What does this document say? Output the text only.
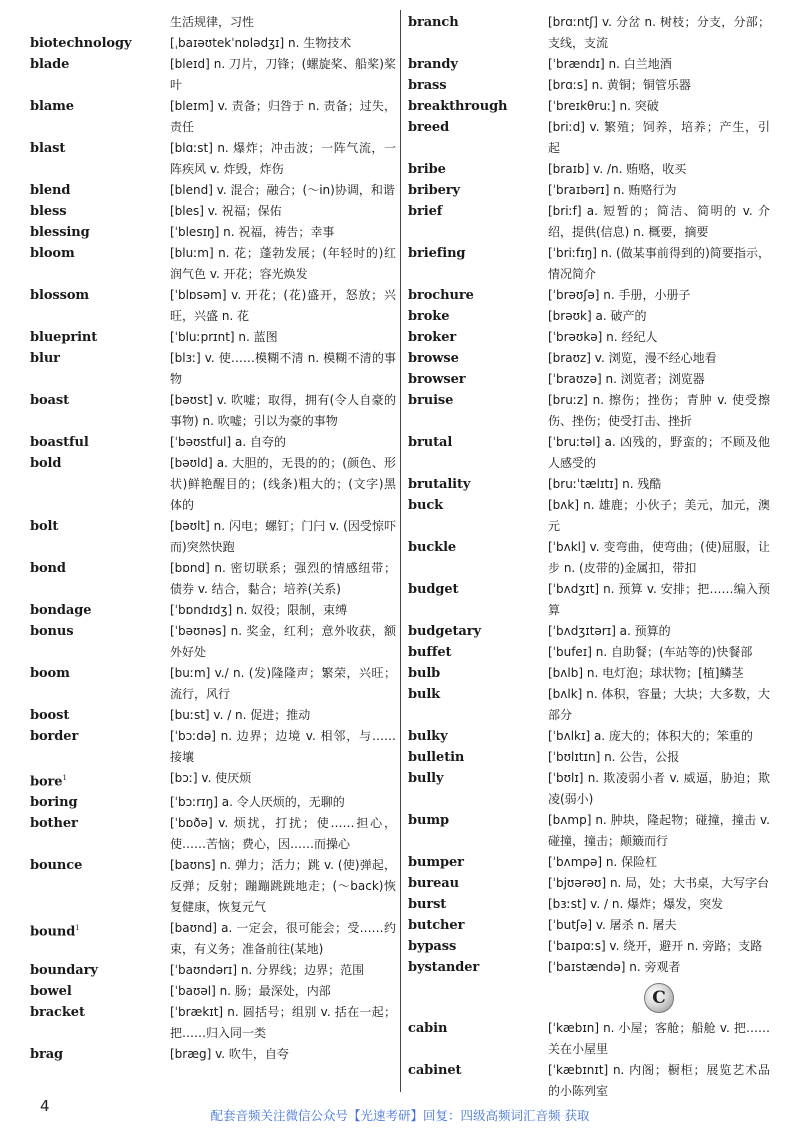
生活规律，习性
biotechnology	[ˌbaɪəʊtekˈnɒlədʒɪ] n. 生物技术
blade	[bleɪd] n. 刀片，刀锋；(螺旋桨、船桨)桨叶
blame	[bleɪm] v. 责备；归咎于 n. 责备；过失，责任
blast	[blɑːst] n. 爆炸；冲击波；一阵气流，一阵疾风 v. 炸毁，炸伤
blend	[blend] v. 混合；融合；(～in)协调，和谐
bless	[bles] v. 祝福；保佑
blessing	[ˈblesɪŋ] n. 祝福，祷告；幸事
bloom	[bluːm] n. 花；蓬勃发展；(年轻时的)红润气色 v. 开花；容光焕发
blossom	[ˈblɒsəm] v. 开花；(花)盛开，怒放；兴旺，兴盛 n. 花
blueprint	[ˈbluːprɪnt] n. 蓝图
blur	[blɜː] v. 使……模糊不清 n. 模糊不清的事物
boast	[bəʊst] v. 吹嘘；取得，拥有(令人自豪的事物) n. 吹嘘；引以为豪的事物
boastful	[ˈbəʊstful] a. 自夸的
bold	[bəʊld] a. 大胆的，无畏的的；(颜色、形状)鲜艳醒目的；(线条)粗大的；(文字)黑体的
bolt	[bəʊlt] n. 闪电；螺钉；门闩 v. (因受惊吓而)突然快跑
bond	[bɒnd] n. 密切联系；强烈的情感纽带；债券 v. 结合，黏合；培养(关系)
bondage	[ˈbɒndɪdʒ] n. 奴役；限制，束缚
bonus	[ˈbəʊnəs] n. 奖金，红利；意外收获，额外好处
boom	[buːm] v./ n. (发)隆隆声；繁荣，兴旺；流行，风行
boost	[buːst] v. / n. 促进；推动
border	[ˈbɔːdə] n. 边界；边境 v. 相邻，与……接壤
bore$^1$	[bɔː] v. 使厌烦
boring	[ˈbɔːrɪŋ] a. 令人厌烦的，无聊的
bother	[ˈbɒðə] v. 烦扰，打扰；使……担心，使……苦恼；费心，因……而操心
bounce	[baʊns] n. 弹力；活力；跳 v. (使)弹起，反弹；反射；蹦蹦跳跳地走；(～back)恢复健康，恢复元气
bound$^1$	[baʊnd] a. 一定会，很可能会；受……约束，有义务；准备前往(某地)
boundary	[ˈbaʊndərɪ] n. 分界线；边界；范围
bowel	[ˈbaʊəl] n. 肠；最深处，内部
bracket	[ˈbrækɪt] n. 圆括号；组别 v. 括在一起；把……归入同一类
brag	[bræg] v. 吹牛，自夸
branch	[brɑːntʃ] v. 分岔 n. 树枝；分支，分部；支线，支流
brandy	[ˈbrændɪ] n. 白兰地酒
brass	[brɑːs] n. 黄铜；铜管乐器
breakthrough	[ˈbreɪkθruː] n. 突破
breed	[briːd] v. 繁殖；饲养，培养；产生，引起
bribe	[braɪb] v. /n. 贿赂，收买
bribery	[ˈbraɪbərɪ] n. 贿赂行为
brief	[briːf] a. 短暂的；简洁、简明的 v. 介绍，提供(信息) n. 概要，摘要
briefing	[ˈbriːfɪŋ] n. (做某事前得到的)简要指示，情况简介
brochure	[ˈbrəʊʃə] n. 手册，小册子
broke	[brəʊk] a. 破产的
broker	[ˈbrəʊkə] n. 经纪人
browse	[braʊz] v. 浏览，漫不经心地看
browser	[ˈbraʊzə] n. 浏览者；浏览器
bruise	[bruːz] n. 擦伤；挫伤；青肿 v. 使受擦伤、挫伤；使受打击、挫折
brutal	[ˈbruːtəl] a. 凶残的，野蛮的；不顾及他人感受的
brutality	[bruːˈtælɪtɪ] n. 残酷
buck	[bʌk] n. 雄鹿；小伙子；美元，加元，澳元
buckle	[ˈbʌkl] v. 变弯曲，使弯曲；(使)屈服，让步 n. (皮带的)金属扣，带扣
budget	[ˈbʌdʒɪt] n. 预算 v. 安排；把……编入预算
budgetary	[ˈbʌdʒɪtərɪ] a. 预算的
buffet	[ˈbufeɪ] n. 自助餐；(车站等的)快餐部
bulb	[bʌlb] n. 电灯泡；球状物；[植]鳞茎
bulk	[bʌlk] n. 体积，容量；大块；大多数，大部分
bulky	[ˈbʌlkɪ] a. 庞大的；体积大的；笨重的
bulletin	[ˈbʊlɪtɪn] n. 公告，公报
bully	[ˈbʊlɪ] n. 欺凌弱小者 v. 威逼，胁迫；欺凌(弱小)
bump	[bʌmp] n. 肿块，隆起物；碰撞，撞击 v. 碰撞，撞击；颠簸而行
bumper	[ˈbʌmpə] n. 保险杠
bureau	[ˈbjʊərəʊ] n. 局，处；大书桌，大写字台
burst	[bɜːst] v. / n. 爆炸；爆发，突发
butcher	[ˈbutʃə] v. 屠杀 n. 屠夫
bypass	[ˈbaɪpɑːs] v. 绕开，避开 n. 旁路；支路
bystander	[ˈbaɪstændə] n. 旁观者
C
cabin	[ˈkæbɪn] n. 小屋；客舱；船舱 v. 把……关在小屋里
cabinet	[ˈkæbɪnɪt] n. 内阁；橱柜；展览艺术品的小陈列室
4
配套音频关注微信公众号【光速考研】回复：四级高频词汇音频 获取
